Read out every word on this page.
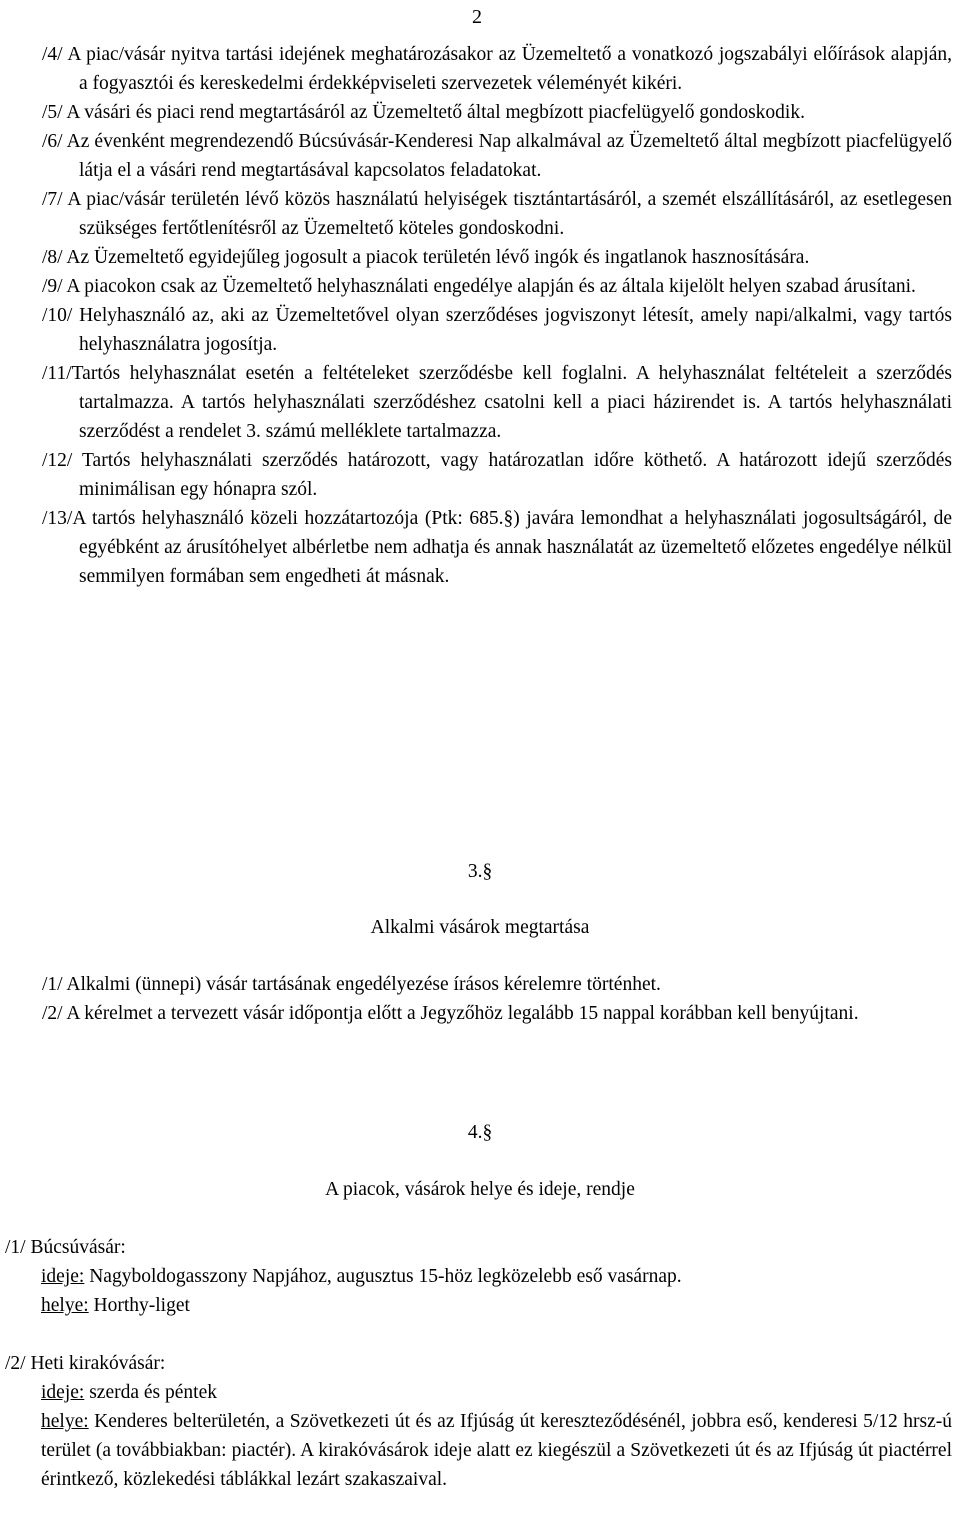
2

/4/ A piac/vásár nyitva tartási idejének meghatározásakor az Üzemeltető a vonatkozó jogszabályi előírások alapján, a fogyasztói és kereskedelmi érdekképviseleti szervezetek véleményét kikéri.

/5/ A vásári és piaci rend megtartásáról az Üzemeltető által megbízott piacfelügyelő gondoskodik.

/6/ Az évenként megrendezendő Búcsúvásár-Kenderesi Nap alkalmával az Üzemeltető által megbízott piacfelügyelő látja el a vásári rend megtartásával kapcsolatos feladatokat.

/7/ A piac/vásár területén lévő közös használatú helyiségek tisztántartásáról, a szemét elszállításáról, az esetlegesen szükséges fertőtlenítésről az Üzemeltető köteles gondoskodni.

/8/ Az Üzemeltető egyidejűleg jogosult a piacok területén lévő ingók és ingatlanok hasznosítására.

/9/ A piacokon csak az Üzemeltető helyhasználati engedélye alapján és az általa kijelölt helyen szabad árusítani.

/10/ Helyhasználó az, aki az Üzemeltetővel olyan szerződéses jogviszonyt létesít, amely napi/alkalmi, vagy tartós helyhasználatra jogosítja.

/11/Tartós helyhasználat esetén a feltételeket szerződésbe kell foglalni. A helyhasználat feltételeit a szerződés tartalmazza. A tartós helyhasználati szerződéshez csatolni kell a piaci házirendet is. A tartós helyhasználati szerződést a rendelet 3. számú melléklete tartalmazza.

/12/ Tartós helyhasználati szerződés határozott, vagy határozatlan időre köthető. A határozott idejű szerződés minimálisan egy hónapra szól.

/13/A tartós helyhasználó közeli hozzátartozója (Ptk: 685.§) javára lemondhat a helyhasználati jogosultságáról, de egyébként az árusítóhelyet albérletbe nem adhatja és annak használatát az üzemeltető előzetes engedélye nélkül semmilyen formában sem engedheti át másnak.

3.§

Alkalmi vásárok megtartása

/1/ Alkalmi (ünnepi) vásár tartásának engedélyezése írásos kérelemre történhet.

/2/ A kérelmet a tervezett vásár időpontja előtt a Jegyzőhöz legalább 15 nappal korábban kell benyújtani.

4.§

A piacok, vásárok helye és ideje, rendje

/1/ Búcsúvásár:

ideje: Nagyboldogasszony Napjához, augusztus 15-höz legközelebb eső vasárnap.

helye: Horthy-liget

/2/ Heti kirakóvásár:

ideje: szerda és péntek

helye: Kenderes belterületén, a Szövetkezeti út és az Ifjúság út kereszteződésénél, jobbra eső, kenderesi 5/12 hrsz-ú terület (a továbbiakban: piactér). A kirakóvásárok ideje alatt ez kiegészül a Szövetkezeti út és az Ifjúság út piactérrel érintkező, közlekedési táblákkal lezárt szakaszaival.
